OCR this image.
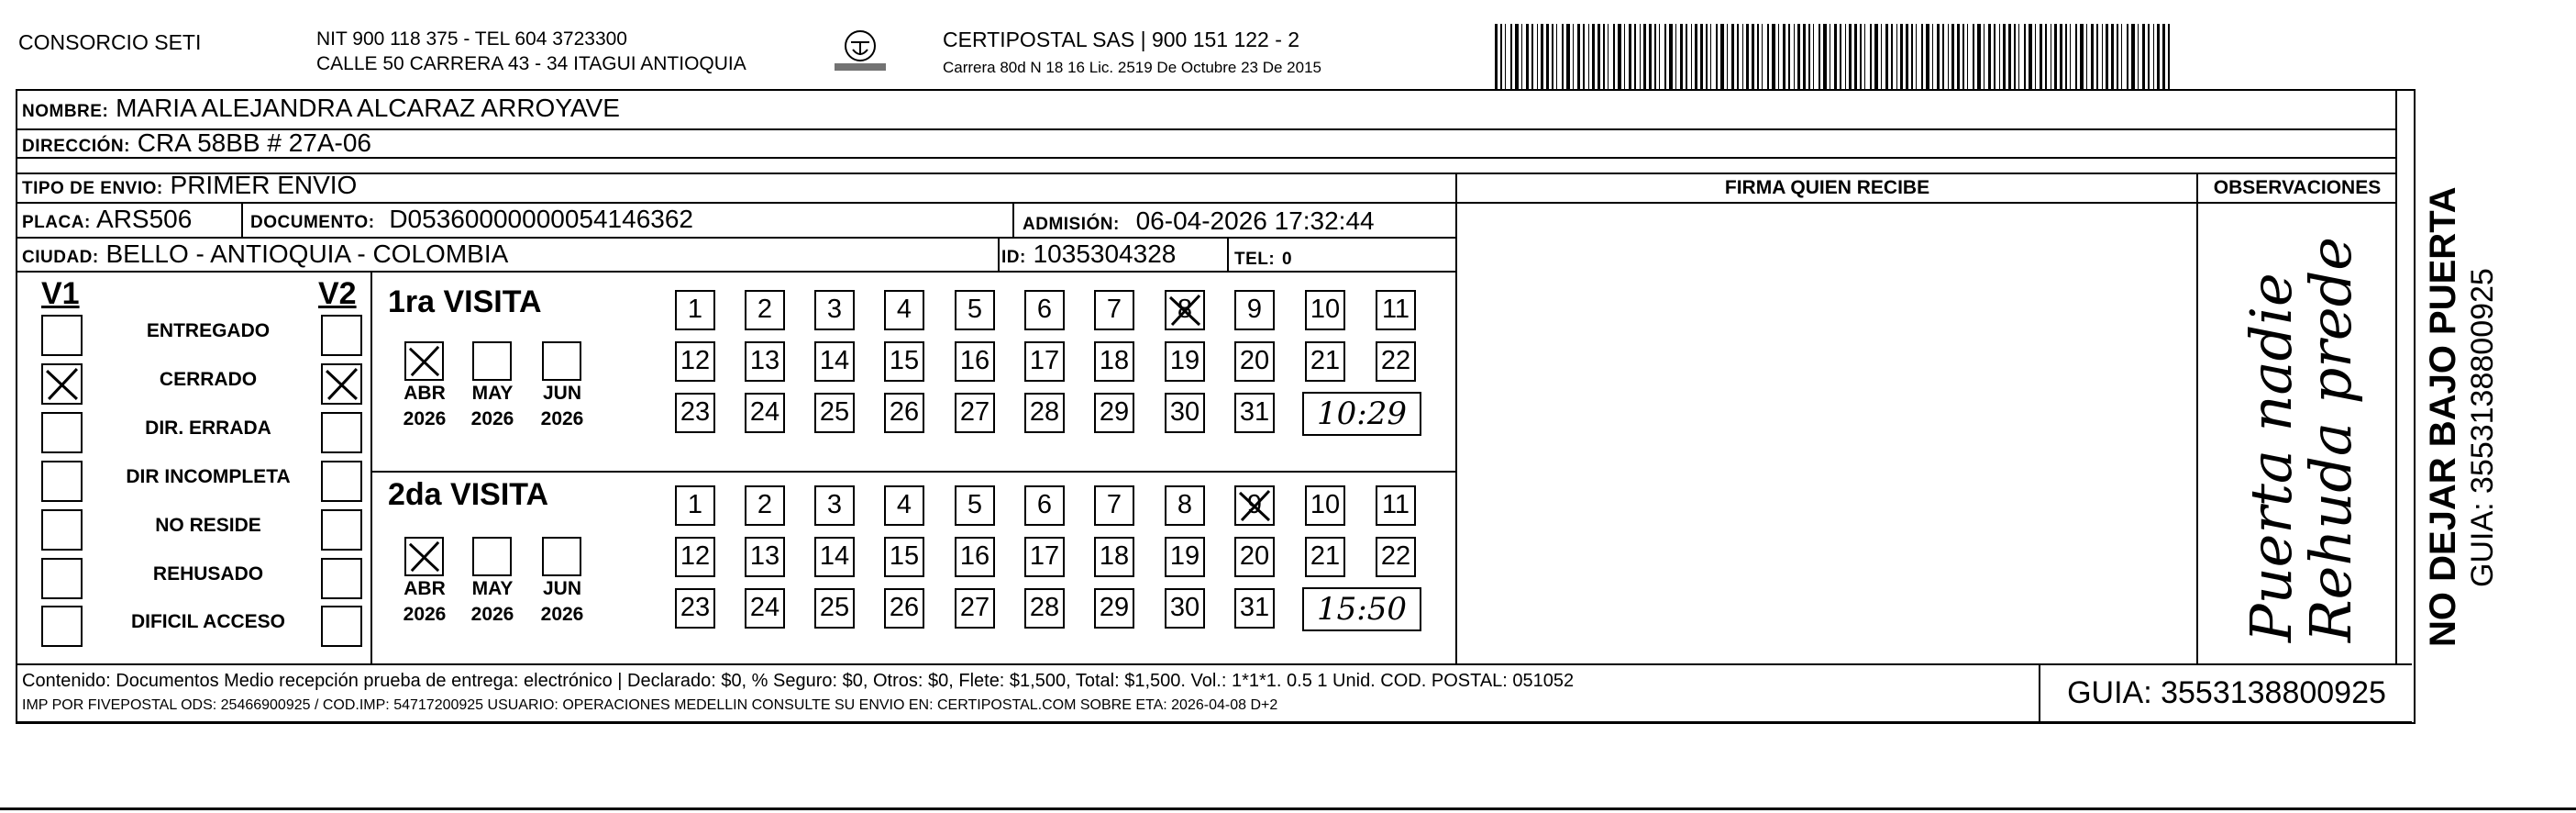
CONSORCIO SETI	NIT 900 118 375 - TEL 604 3723300
CALLE 50 CARRERA 43 - 34 ITAGUI ANTIOQUIA
CERTIPOSTAL SAS | 900 151 122 - 2
Carrera 80d N 18 16 Lic. 2519 De Octubre 23 De 2015
NOMBRE: MARIA ALEJANDRA ALCARAZ ARROYAVE
DIRECCIÓN: CRA 58BB # 27A-06
TIPO DE ENVIO: PRIMER ENVIO
PLACA: ARS506	DOCUMENTO: D05360000000054146362	ADMISIÓN: 06-04-2026 17:32:44
CIUDAD: BELLO - ANTIOQUIA - COLOMBIA	ID: 1035304328	TEL: 0
FIRMA QUIEN RECIBE	OBSERVACIONES
V1	V2
ENTREGADO
CERRADO
DIR. ERRADA
DIR INCOMPLETA
NO RESIDE
REHUSADO
DIFICIL ACCESO
1ra VISITA
2da VISITA
ABR
2026
MAY
2026
JUN
2026
1	2	3	4	5	6	7	8	9	10 11
12 13 14 15 16 17 18 19 20 21 22
23 24 25 26 27 28 29 30 31	10:29
ABR
2026
MAY
2026
JUN
2026
1	2	3	4	5	6	7	8	9	10 11
12 13 14 15 16 17 18 19 20 21 22
23 24 25 26 27 28 29 30 31	15:50	Puerta nadie
Rehuda prede
Contenido: Documentos Medio recepción prueba de entrega: electrónico | Declarado: $0, % Seguro: $0, Otros: $0, Flete: $1,500, Total: $1,500. Vol.: 1*1*1. 0.5 1 Unid. COD. POSTAL: 051052
IMP POR FIVEPOSTAL ODS: 25466900925 / COD.IMP: 54717200925 USUARIO: OPERACIONES MEDELLIN CONSULTE SU ENVIO EN: CERTIPOSTAL.COM SOBRE ETA: 2026-04-08 D+2	GUIA: 3553138800925
NO DEJAR BAJO PUERTA GUIA: 3553138800925
